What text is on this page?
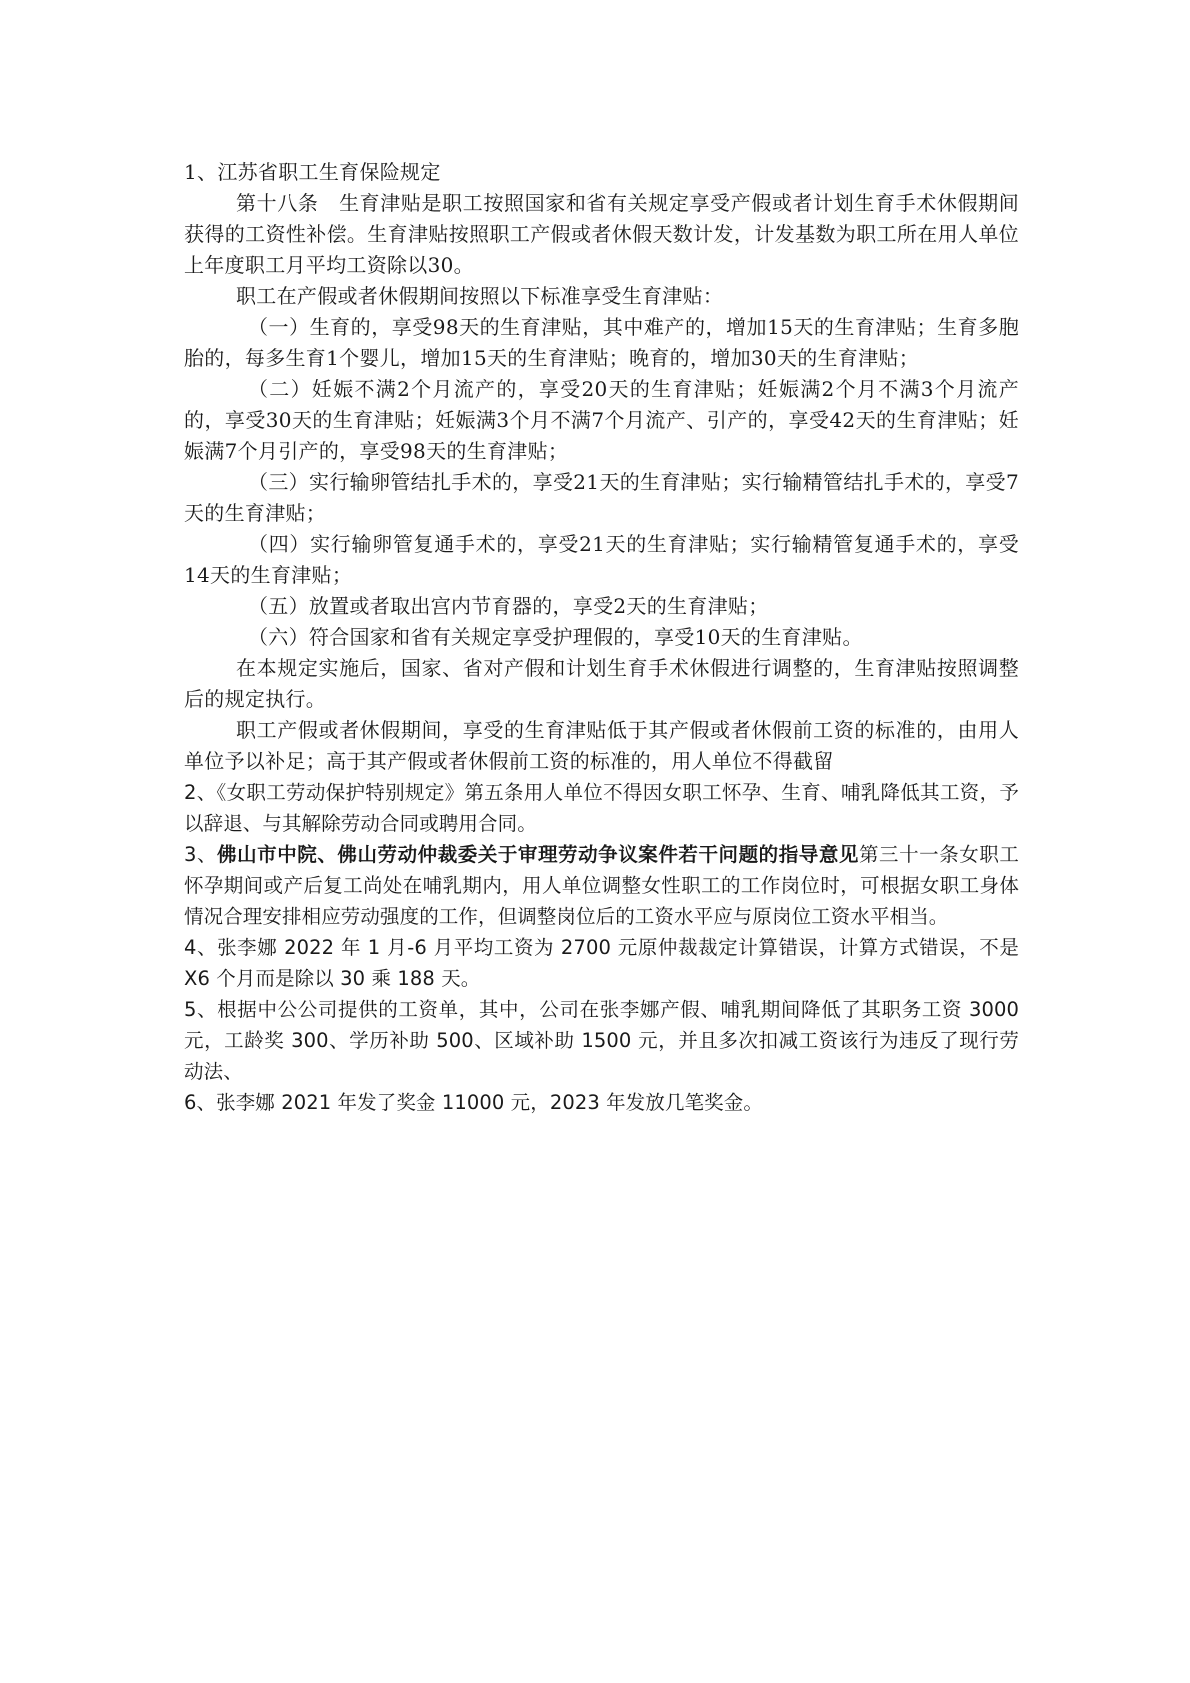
1、江苏省职工生育保险规定

第十八条　生育津贴是职工按照国家和省有关规定享受产假或者计划生育手术休假期间获得的工资性补偿。生育津贴按照职工产假或者休假天数计发，计发基数为职工所在用人单位上年度职工月平均工资除以30。

职工在产假或者休假期间按照以下标准享受生育津贴：

（一）生育的，享受98天的生育津贴，其中难产的，增加15天的生育津贴；生育多胞胎的，每多生育1个婴儿，增加15天的生育津贴；晚育的，增加30天的生育津贴；

（二）妊娠不满2个月流产的，享受20天的生育津贴；妊娠满2个月不满3个月流产的，享受30天的生育津贴；妊娠满3个月不满7个月流产、引产的，享受42天的生育津贴；妊娠满7个月引产的，享受98天的生育津贴；

（三）实行输卵管结扎手术的，享受21天的生育津贴；实行输精管结扎手术的，享受7天的生育津贴；

（四）实行输卵管复通手术的，享受21天的生育津贴；实行输精管复通手术的，享受14天的生育津贴；

（五）放置或者取出宫内节育器的，享受2天的生育津贴；

（六）符合国家和省有关规定享受护理假的，享受10天的生育津贴。

在本规定实施后，国家、省对产假和计划生育手术休假进行调整的，生育津贴按照调整后的规定执行。

职工产假或者休假期间，享受的生育津贴低于其产假或者休假前工资的标准的，由用人单位予以补足；高于其产假或者休假前工资的标准的，用人单位不得截留

2、《女职工劳动保护特别规定》第五条用人单位不得因女职工怀孕、生育、哺乳降低其工资，予以辞退、与其解除劳动合同或聘用合同。

3、佛山市中院、佛山劳动仲裁委关于审理劳动争议案件若干问题的指导意见第三十一条女职工怀孕期间或产后复工尚处在哺乳期内，用人单位调整女性职工的工作岗位时，可根据女职工身体情况合理安排相应劳动强度的工作，但调整岗位后的工资水平应与原岗位工资水平相当。

4、张李娜 2022 年 1 月-6 月平均工资为 2700 元原仲裁裁定计算错误，计算方式错误，不是 X6 个月而是除以 30 乘 188 天。

5、根据中公公司提供的工资单，其中，公司在张李娜产假、哺乳期间降低了其职务工资 3000 元，工龄奖 300、学历补助 500、区域补助 1500 元，并且多次扣减工资该行为违反了现行劳动法、

6、张李娜 2021 年发了奖金 11000 元，2023 年发放几笔奖金。
